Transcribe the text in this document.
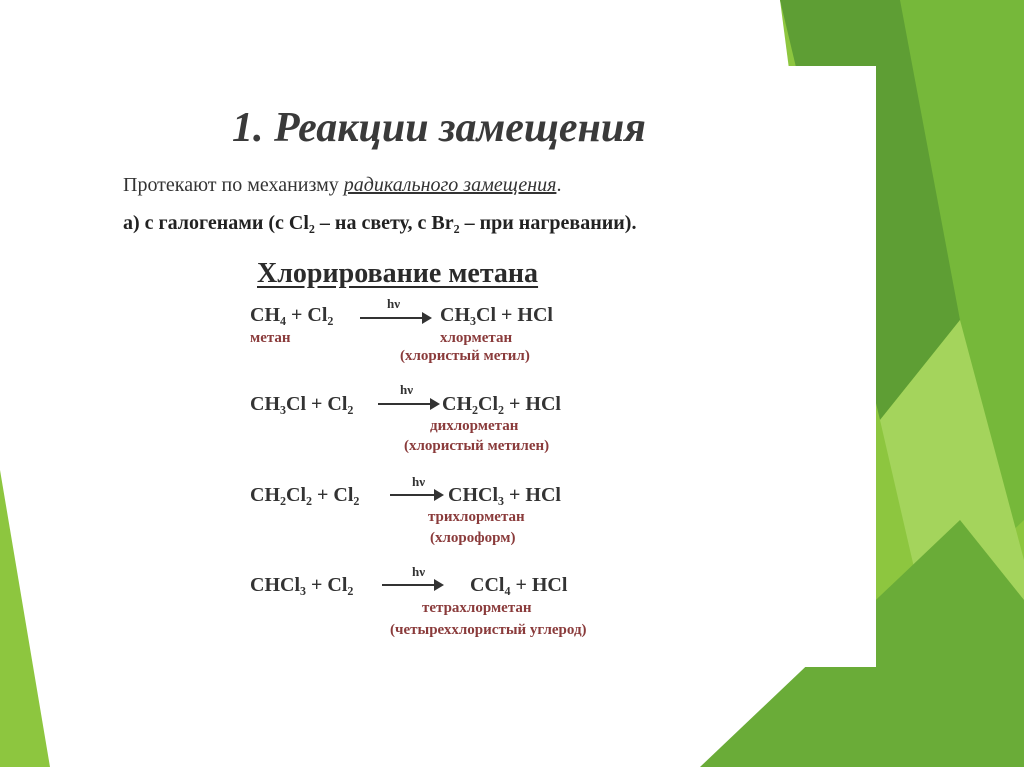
1. Реакции замещения
Протекают по механизму радикального замещения.
а) с галогенами (с Cl₂ – на свету, с Br₂ – при нагревании).
Хлорирование метана
CH₄ + Cl₂
hν
CH₃Cl + HCl
метан	хлорметан
(хлористый метил)
CH₃Cl + Cl₂
hν
→ CH₂Cl₂ + HCl
дихлорметан
(хлористый метилен)
CH₂Cl₂ + Cl₂
hν
→ CHCl₃ + HCl
трихлорметан
(хлороформ)
CHCl₃ + Cl₂
hν
CCl₄ + HCl
тетрахлорметан
(четыреххлористый углерод)
